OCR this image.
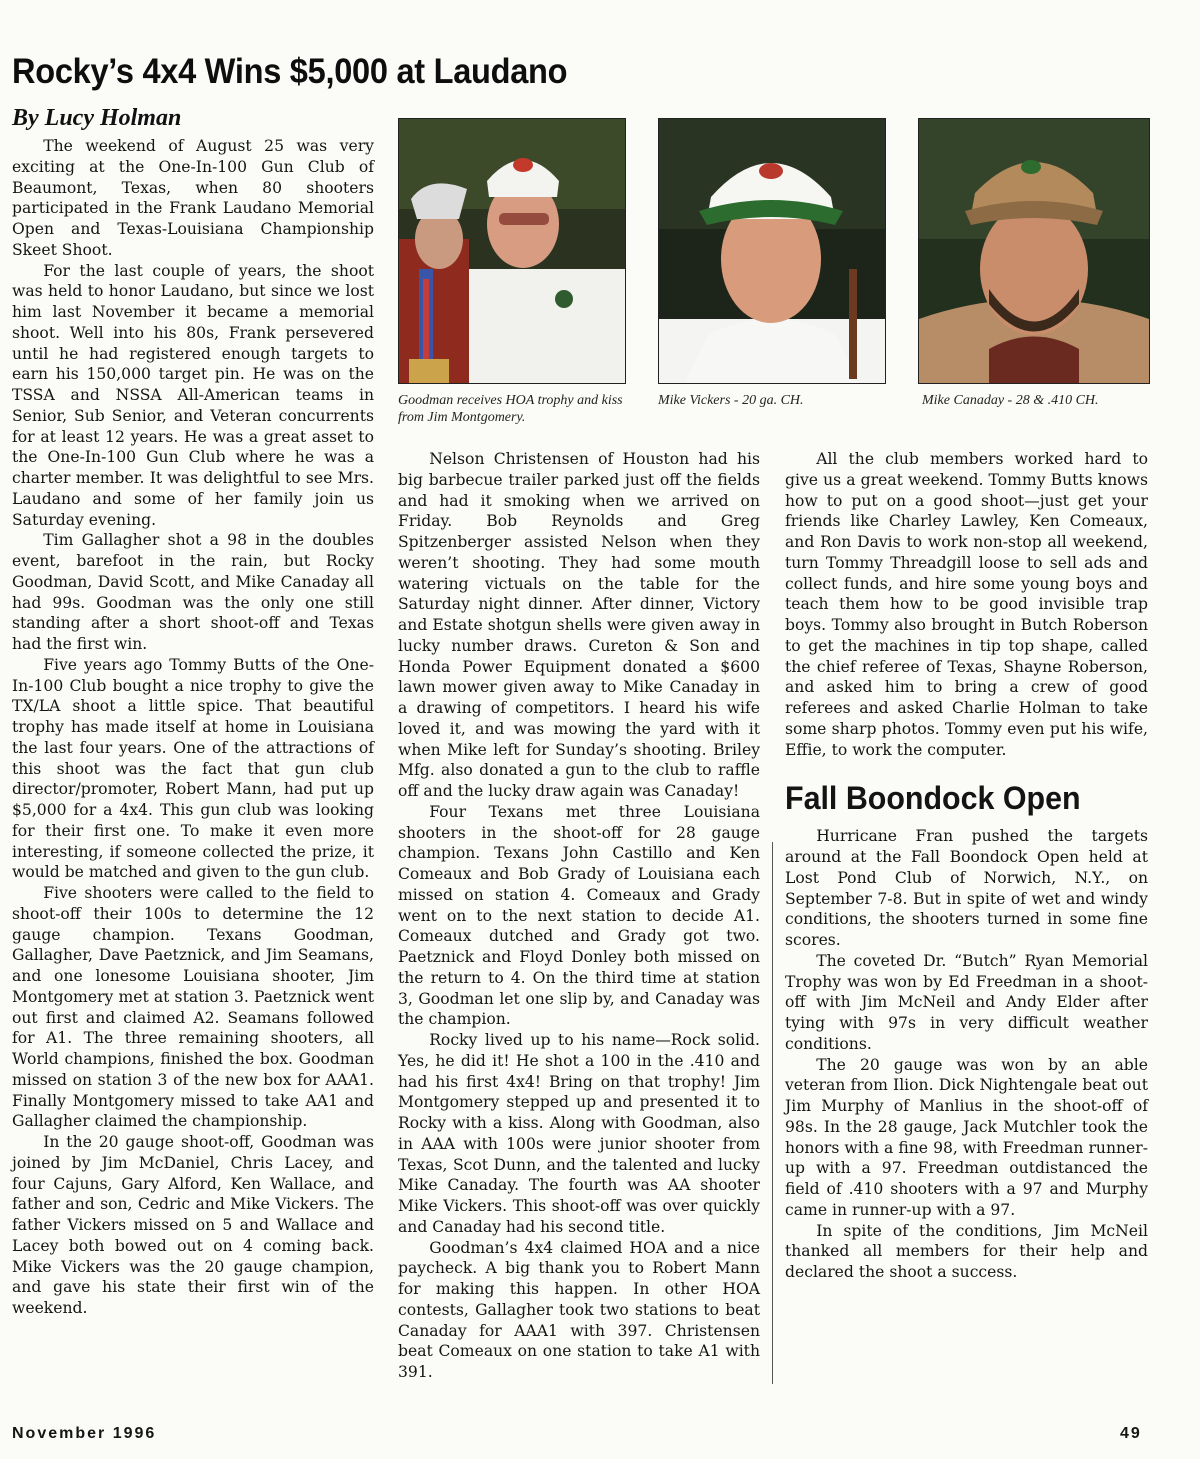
Rocky’s 4x4 Wins $5,000 at Laudano
By Lucy Holman
Goodman receives HOA trophy and kiss from Jim Montgomery.
Mike Vickers - 20 ga. CH.	Mike Canaday - 28 & .410 CH.

The weekend of August 25 was very exciting at the One-In-100 Gun Club of Beaumont, Texas, when 80 shooters participated in the Frank Laudano Memorial Open and Texas-Louisiana Championship Skeet Shoot.

For the last couple of years, the shoot was held to honor Laudano, but since we lost him last November it became a memorial shoot. Well into his 80s, Frank persevered until he had registered enough targets to earn his 150,000 target pin. He was on the TSSA and NSSA All-American teams in Senior, Sub Senior, and Veteran concurrents for at least 12 years. He was a great asset to the One-In-100 Gun Club where he was a charter member. It was delightful to see Mrs. Laudano and some of her family join us Saturday evening.

Tim Gallagher shot a 98 in the doubles event, barefoot in the rain, but Rocky Goodman, David Scott, and Mike Canaday all had 99s. Goodman was the only one still standing after a short shoot-off and Texas had the first win.

Five years ago Tommy Butts of the One-In-100 Club bought a nice trophy to give the TX/LA shoot a little spice. That beautiful trophy has made itself at home in Louisiana the last four years. One of the attractions of this shoot was the fact that gun club director/promoter, Robert Mann, had put up $5,000 for a 4x4. This gun club was looking for their first one. To make it even more interesting, if someone collected the prize, it would be matched and given to the gun club.

Five shooters were called to the field to shoot-off their 100s to determine the 12 gauge champion. Texans Goodman, Gallagher, Dave Paetznick, and Jim Seamans, and one lonesome Louisiana shooter, Jim Montgomery met at station 3. Paetznick went out first and claimed A2. Seamans followed for A1. The three remaining shooters, all World champions, finished the box. Goodman missed on station 3 of the new box for AAA1. Finally Montgomery missed to take AA1 and Gallagher claimed the championship.

In the 20 gauge shoot-off, Goodman was joined by Jim McDaniel, Chris Lacey, and four Cajuns, Gary Alford, Ken Wallace, and father and son, Cedric and Mike Vickers. The father Vickers missed on 5 and Wallace and Lacey both bowed out on 4 coming back. Mike Vickers was the 20 gauge champion, and gave his state their first win of the weekend.

Nelson Christensen of Houston had his big barbecue trailer parked just off the fields and had it smoking when we arrived on Friday. Bob Reynolds and Greg Spitzenberger assisted Nelson when they weren’t shooting. They had some mouth watering victuals on the table for the Saturday night dinner. After dinner, Victory and Estate shotgun shells were given away in lucky number draws. Cureton & Son and Honda Power Equipment donated a $600 lawn mower given away to Mike Canaday in a drawing of competitors. I heard his wife loved it, and was mowing the yard with it when Mike left for Sunday’s shooting. Briley Mfg. also donated a gun to the club to raffle off and the lucky draw again was Canaday!

Four Texans met three Louisiana shooters in the shoot-off for 28 gauge champion. Texans John Castillo and Ken Comeaux and Bob Grady of Louisiana each missed on station 4. Comeaux and Grady went on to the next station to decide A1. Comeaux dutched and Grady got two. Paetznick and Floyd Donley both missed on the return to 4. On the third time at station 3, Goodman let one slip by, and Canaday was the champion.

Rocky lived up to his name—Rock solid. Yes, he did it! He shot a 100 in the .410 and had his first 4x4! Bring on that trophy! Jim Montgomery stepped up and presented it to Rocky with a kiss. Along with Goodman, also in AAA with 100s were junior shooter from Texas, Scot Dunn, and the talented and lucky Mike Canaday. The fourth was AA shooter Mike Vickers. This shoot-off was over quickly and Canaday had his second title.

Goodman’s 4x4 claimed HOA and a nice paycheck. A big thank you to Robert Mann for making this happen. In other HOA contests, Gallagher took two stations to beat Canaday for AAA1 with 397. Christensen beat Comeaux on one station to take A1 with 391.

All the club members worked hard to give us a great weekend. Tommy Butts knows how to put on a good shoot—just get your friends like Charley Lawley, Ken Comeaux, and Ron Davis to work non-stop all weekend, turn Tommy Threadgill loose to sell ads and collect funds, and hire some young boys and teach them how to be good invisible trap boys. Tommy also brought in Butch Roberson to get the machines in tip top shape, called the chief referee of Texas, Shayne Roberson, and asked him to bring a crew of good referees and asked Charlie Holman to take some sharp photos. Tommy even put his wife, Effie, to work the computer.

Fall Boondock Open

Hurricane Fran pushed the targets around at the Fall Boondock Open held at Lost Pond Club of Norwich, N.Y., on September 7-8. But in spite of wet and windy conditions, the shooters turned in some fine scores.

The coveted Dr. “Butch” Ryan Memorial Trophy was won by Ed Freedman in a shoot-off with Jim McNeil and Andy Elder after tying with 97s in very difficult weather conditions.

The 20 gauge was won by an able veteran from Ilion. Dick Nightengale beat out Jim Murphy of Manlius in the shoot-off of 98s. In the 28 gauge, Jack Mutchler took the honors with a fine 98, with Freedman runner-up with a 97. Freedman outdistanced the field of .410 shooters with a 97 and Murphy came in runner-up with a 97.

In spite of the conditions, Jim McNeil thanked all members for their help and declared the shoot a success.

November 1996	49
